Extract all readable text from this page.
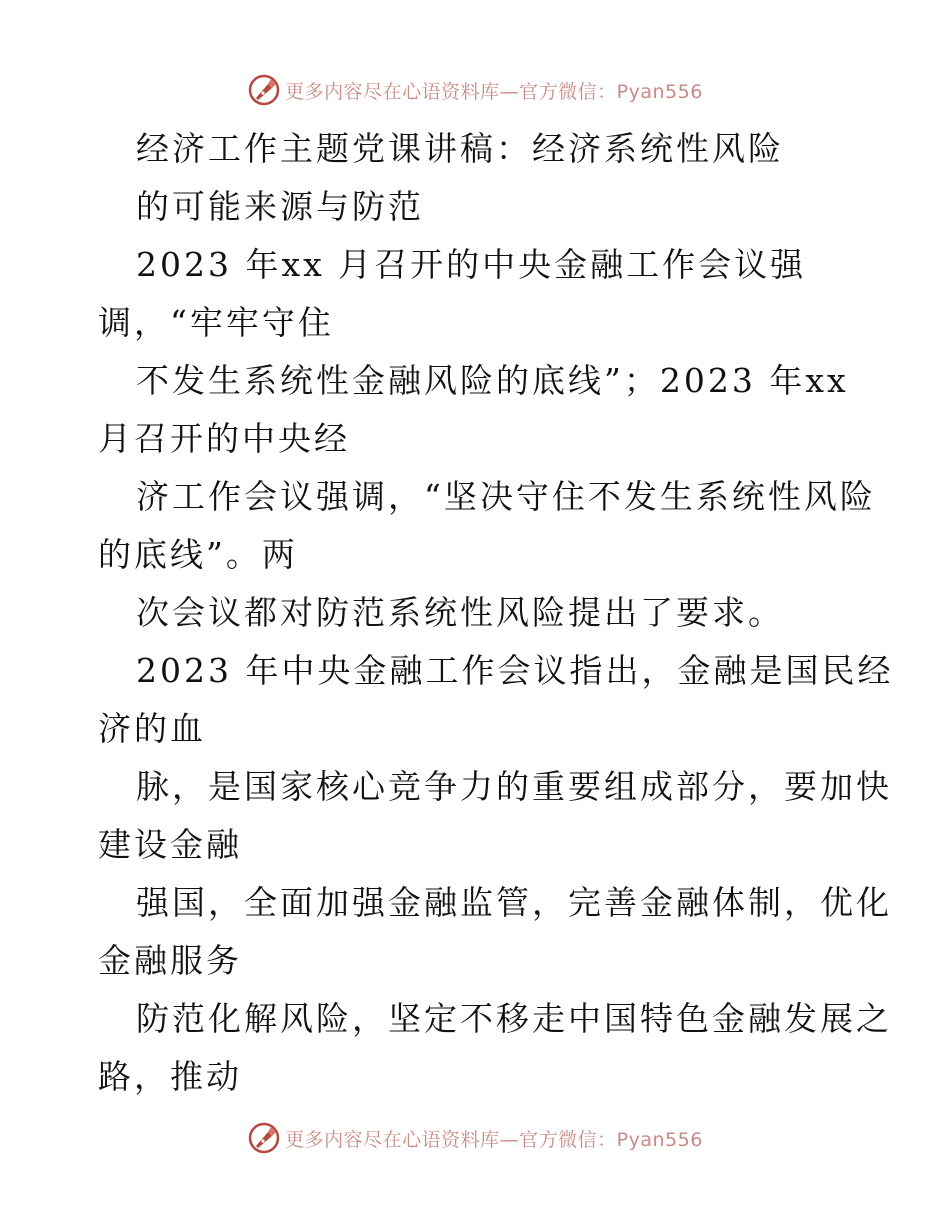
更多内容尽在心语资料库—官方微信：Pyan556
经济工作主题党课讲稿：经济系统性风险
的可能来源与防范
2023 年xx 月召开的中央金融工作会议强
调，“牢牢守住
不发生系统性金融风险的底线”；2023 年xx
月召开的中央经
济工作会议强调，“坚决守住不发生系统性风险
的底线”。两
次会议都对防范系统性风险提出了要求。
2023 年中央金融工作会议指出，金融是国民经
济的血
脉，是国家核心竞争力的重要组成部分，要加快
建设金融
强国，全面加强金融监管，完善金融体制，优化
金融服务
防范化解风险，坚定不移走中国特色金融发展之
路，推动
更多内容尽在心语资料库—官方微信：Pyan556
